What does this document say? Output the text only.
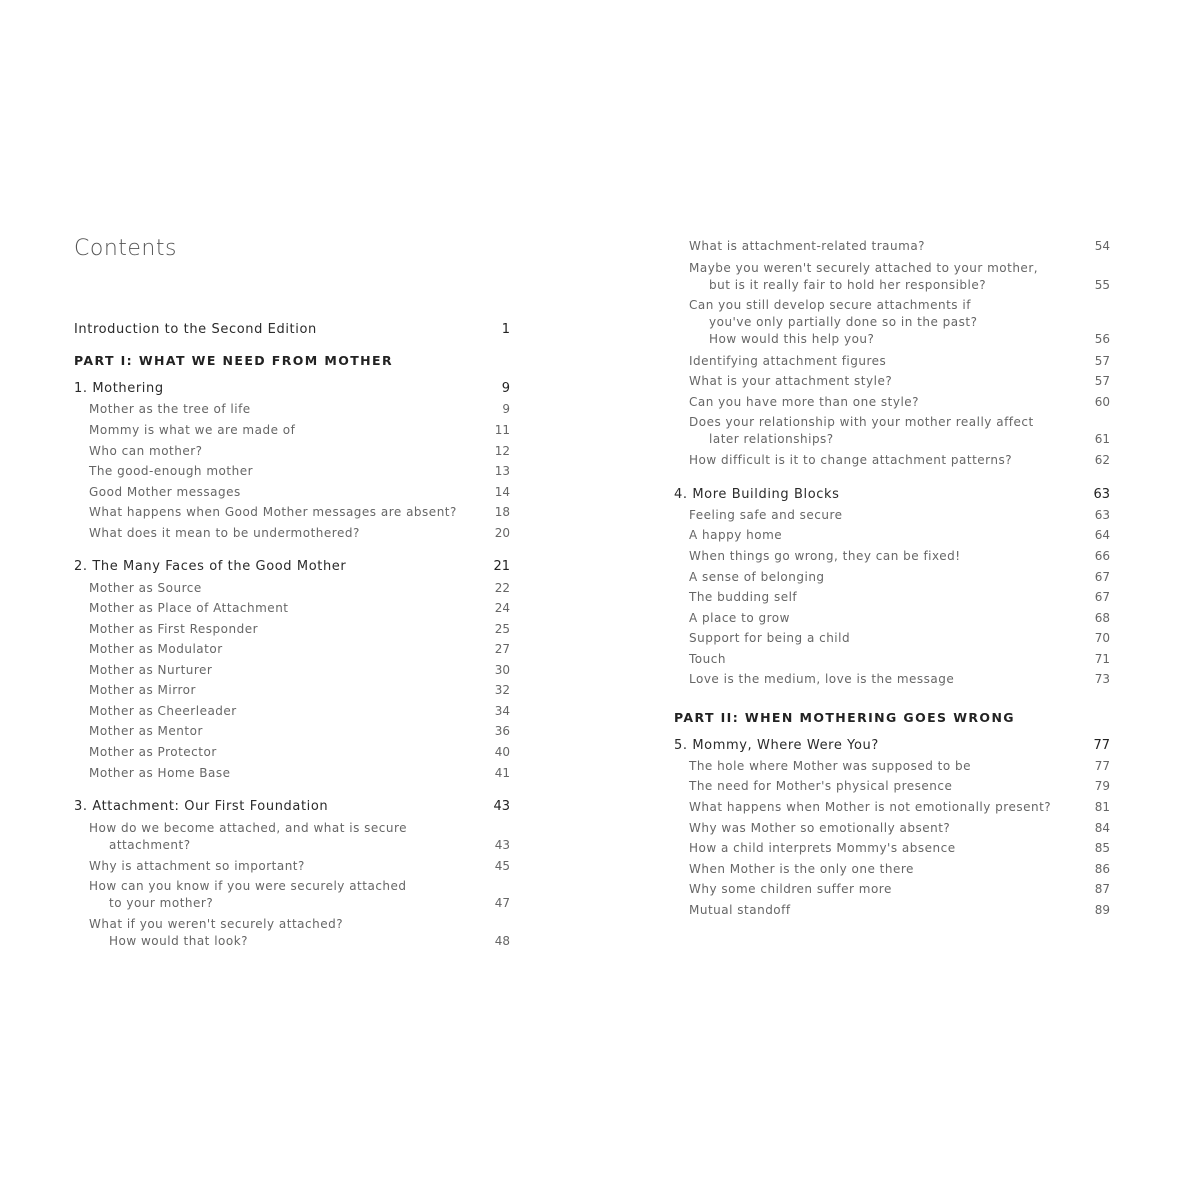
Contents
Introduction to the Second Edition	1
PART I: WHAT WE NEED FROM MOTHER
1. Mothering	9
Mother as the tree of life	9
Mommy is what we are made of	11
Who can mother?	12
The good-enough mother	13
Good Mother messages	14
What happens when Good Mother messages are absent?	18
What does it mean to be undermothered?	20
2. The Many Faces of the Good Mother	21
Mother as Source	22
Mother as Place of Attachment	24
Mother as First Responder	25
Mother as Modulator	27
Mother as Nurturer	30
Mother as Mirror	32
Mother as Cheerleader	34
Mother as Mentor	36
Mother as Protector	40
Mother as Home Base	41
3. Attachment: Our First Foundation	43
How do we become attached, and what is secure
attachment?	43
Why is attachment so important?	45
How can you know if you were securely attached
to your mother?	47
What if you weren't securely attached?
How would that look?	48
What is attachment-related trauma?	54
Maybe you weren't securely attached to your mother,
but is it really fair to hold her responsible?	55
Can you still develop secure attachments if
you've only partially done so in the past?
How would this help you?	56
Identifying attachment figures	57
What is your attachment style?	57
Can you have more than one style?	60
Does your relationship with your mother really affect
later relationships?	61
How difficult is it to change attachment patterns?	62
4. More Building Blocks	63
Feeling safe and secure	63
A happy home	64
When things go wrong, they can be fixed!	66
A sense of belonging	67
The budding self	67
A place to grow	68
Support for being a child	70
Touch	71
Love is the medium, love is the message	73
PART II: WHEN MOTHERING GOES WRONG
5. Mommy, Where Were You?	77
The hole where Mother was supposed to be	77
The need for Mother's physical presence	79
What happens when Mother is not emotionally present?	81
Why was Mother so emotionally absent?	84
How a child interprets Mommy's absence	85
When Mother is the only one there	86
Why some children suffer more	87
Mutual standoff	89
